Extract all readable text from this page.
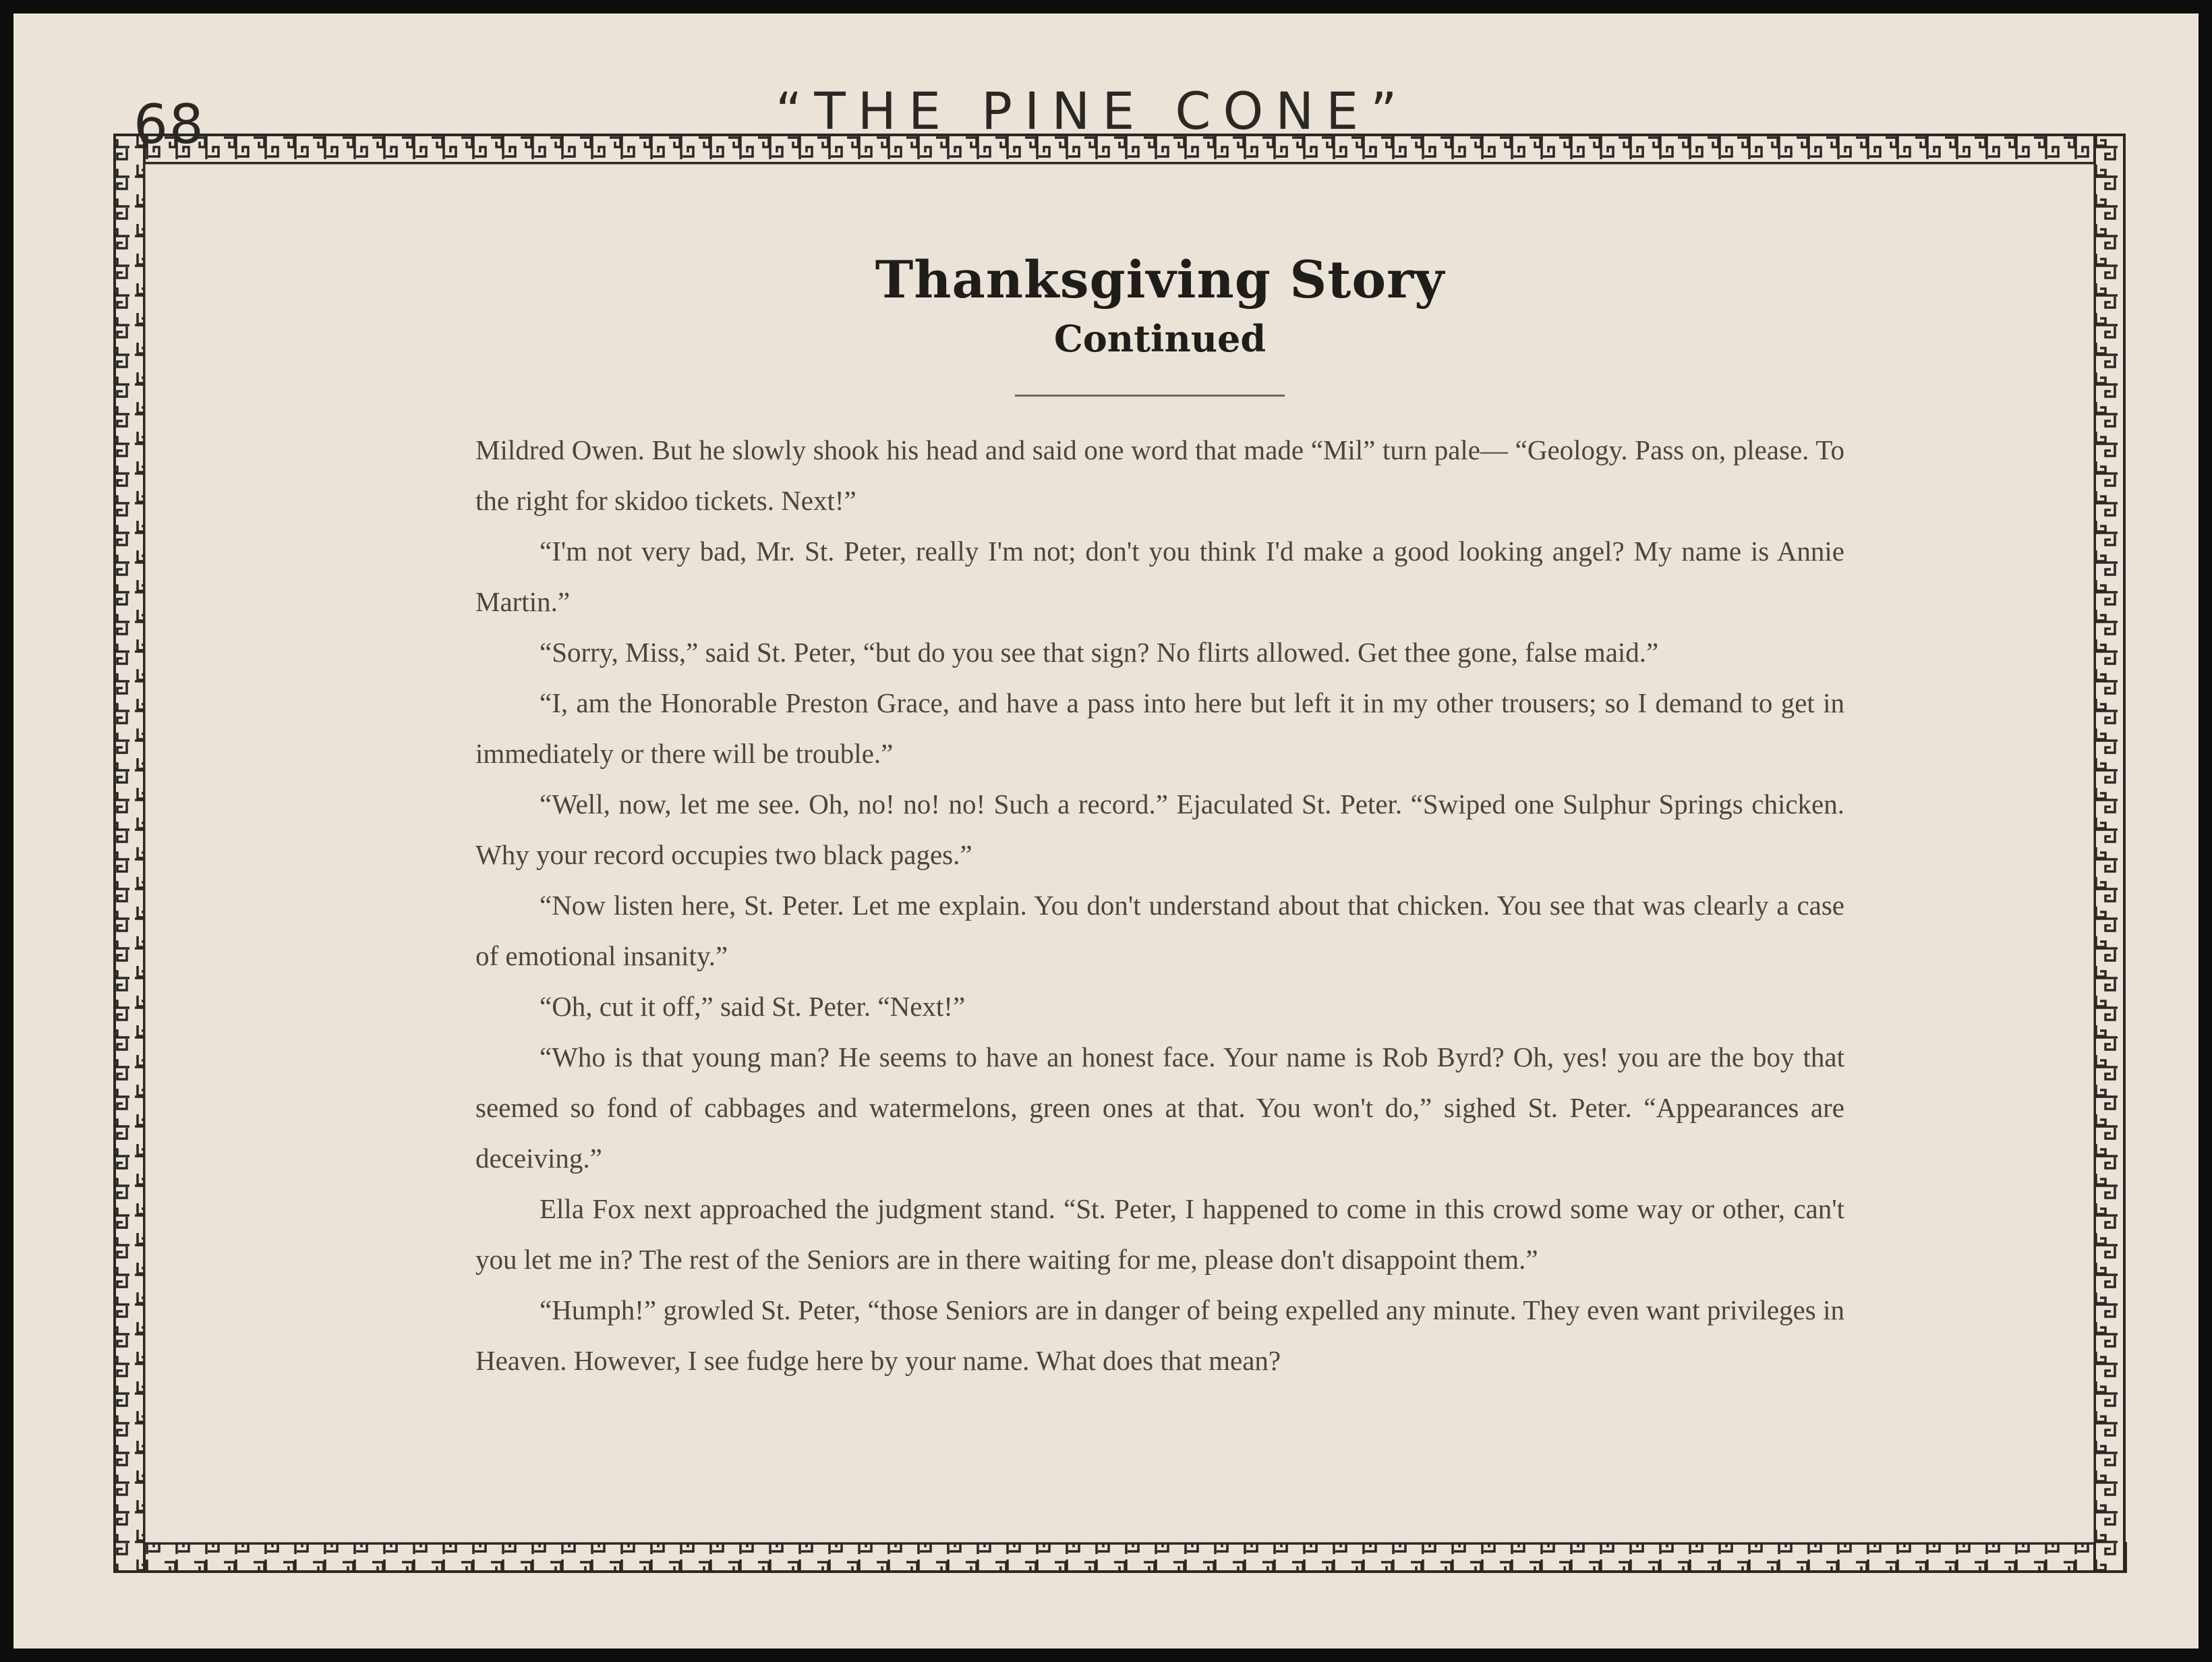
68	“THE PINE CONE”
Thanksgiving Story
Continued

Mildred Owen. But he slowly shook his head and said one word that made “Mil” turn pale— “Geology. Pass on, please. To the right for skidoo tickets. Next!”

“I'm not very bad, Mr. St. Peter, really I'm not; don't you think I'd make a good looking angel? My name is Annie Martin.”

“Sorry, Miss,” said St. Peter, “but do you see that sign? No flirts allowed. Get thee gone, false maid.”

“I, am the Honorable Preston Grace, and have a pass into here but left it in my other trousers; so I demand to get in immediately or there will be trouble.”

“Well, now, let me see. Oh, no! no! no! Such a record.” Ejaculated St. Peter. “Swiped one Sulphur Springs chicken. Why your record occupies two black pages.”

“Now listen here, St. Peter. Let me explain. You don't understand about that chicken. You see that was clearly a case of emotional insanity.”

“Oh, cut it off,” said St. Peter. “Next!”

“Who is that young man? He seems to have an honest face. Your name is Rob Byrd? Oh, yes! you are the boy that seemed so fond of cabbages and watermelons, green ones at that. You won't do,” sighed St. Peter. “Appearances are deceiving.”

Ella Fox next approached the judgment stand. “St. Peter, I happened to come in this crowd some way or other, can't you let me in? The rest of the Seniors are in there waiting for me, please don't disappoint them.”

“Humph!” growled St. Peter, “those Seniors are in danger of being expelled any minute. They even want privileges in Heaven. However, I see fudge here by your name. What does that mean?
